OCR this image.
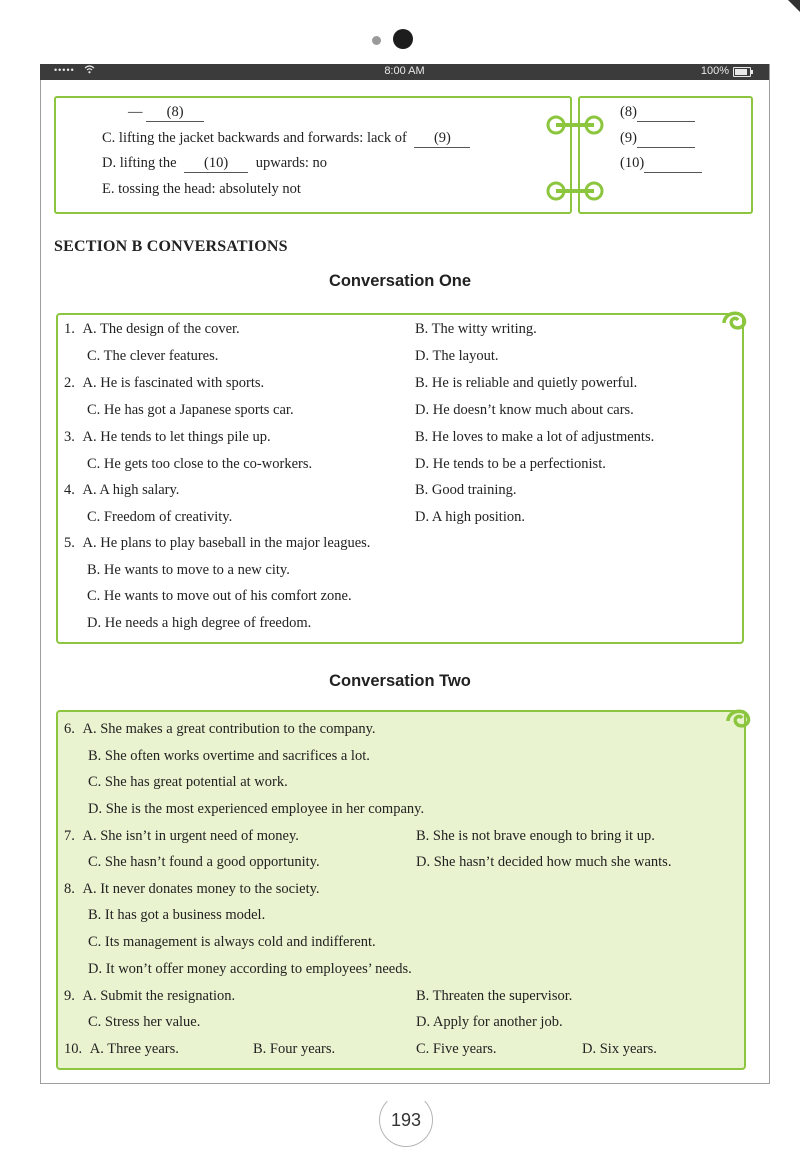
•••••	8:00 AM	100%
— (8)
C. lifting the jacket backwards and forwards: lack of (9)
D. lifting the (10) upwards: no
E. tossing the head: absolutely not
(8)
(9)
(10)
SECTION B CONVERSATIONS
Conversation One
1. A. The design of the cover.	B. The witty writing.
C. The clever features.	D. The layout.
2. A. He is fascinated with sports.	B. He is reliable and quietly powerful.
C. He has got a Japanese sports car.	D. He doesn’t know much about cars.
3. A. He tends to let things pile up.	B. He loves to make a lot of adjustments.
C. He gets too close to the co-workers.	D. He tends to be a perfectionist.
4. A. A high salary.	B. Good training.
C. Freedom of creativity.	D. A high position.
5. A. He plans to play baseball in the major leagues.
B. He wants to move to a new city.
C. He wants to move out of his comfort zone.
D. He needs a high degree of freedom.
Conversation Two
6. A. She makes a great contribution to the company.
B. She often works overtime and sacrifices a lot.
C. She has great potential at work.
D. She is the most experienced employee in her company.
7. A. She isn’t in urgent need of money.	B. She is not brave enough to bring it up.
C. She hasn’t found a good opportunity.	D. She hasn’t decided how much she wants.
8. A. It never donates money to the society.
B. It has got a business model.
C. Its management is always cold and indifferent.
D. It won’t offer money according to employees’ needs.
9. A. Submit the resignation.	B. Threaten the supervisor.
C. Stress her value.	D. Apply for another job.
10. A. Three years.	B. Four years.	C. Five years.	D. Six years.
193
